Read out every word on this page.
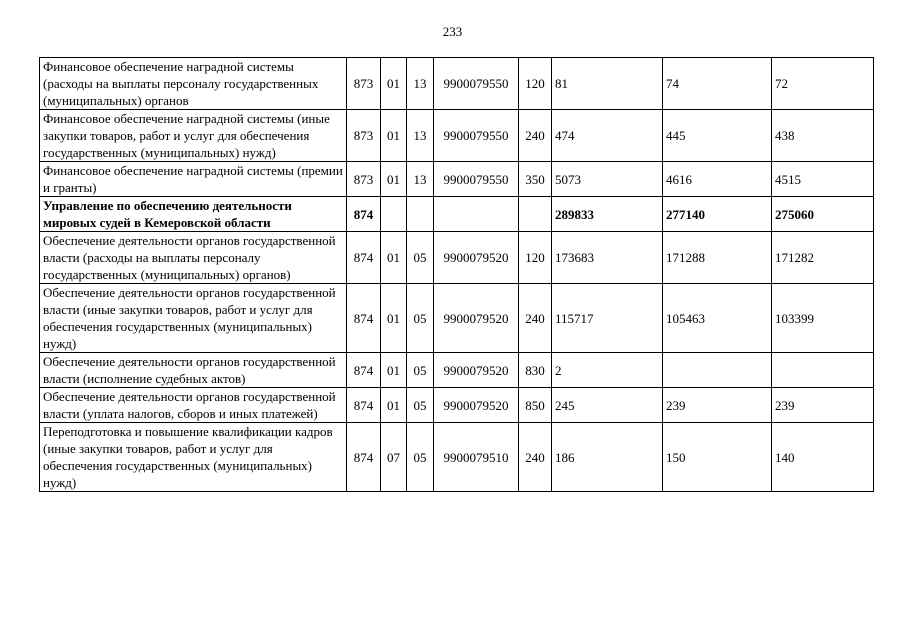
233
Финансовое обеспечение наградной системы (расходы на выплаты персоналу государственных (муниципальных) органов	873	01	13	9900079550	120	81	74	72
Финансовое обеспечение наградной системы (иные закупки товаров, работ и услуг для обеспечения государственных (муниципальных) нужд)	873	01	13	9900079550	240	474	445	438
Финансовое обеспечение наградной системы (премии и гранты)	873	01	13	9900079550	350	5073	4616	4515
Управление по обеспечению деятельности мировых судей в Кемеровской области	874					289833	277140	275060
Обеспечение деятельности органов государственной власти (расходы на выплаты персоналу государственных (муниципальных) органов)	874	01	05	9900079520	120	173683	171288	171282
Обеспечение деятельности органов государственной власти (иные закупки товаров, работ и услуг для обеспечения государственных (муниципальных) нужд)	874	01	05	9900079520	240	115717	105463	103399
Обеспечение деятельности органов государственной власти (исполнение судебных актов)	874	01	05	9900079520	830	2		
Обеспечение деятельности органов государственной власти (уплата налогов, сборов и иных платежей)	874	01	05	9900079520	850	245	239	239
Переподготовка и повышение квалификации кадров (иные закупки товаров, работ и услуг для обеспечения государственных (муниципальных) нужд)	874	07	05	9900079510	240	186	150	140
